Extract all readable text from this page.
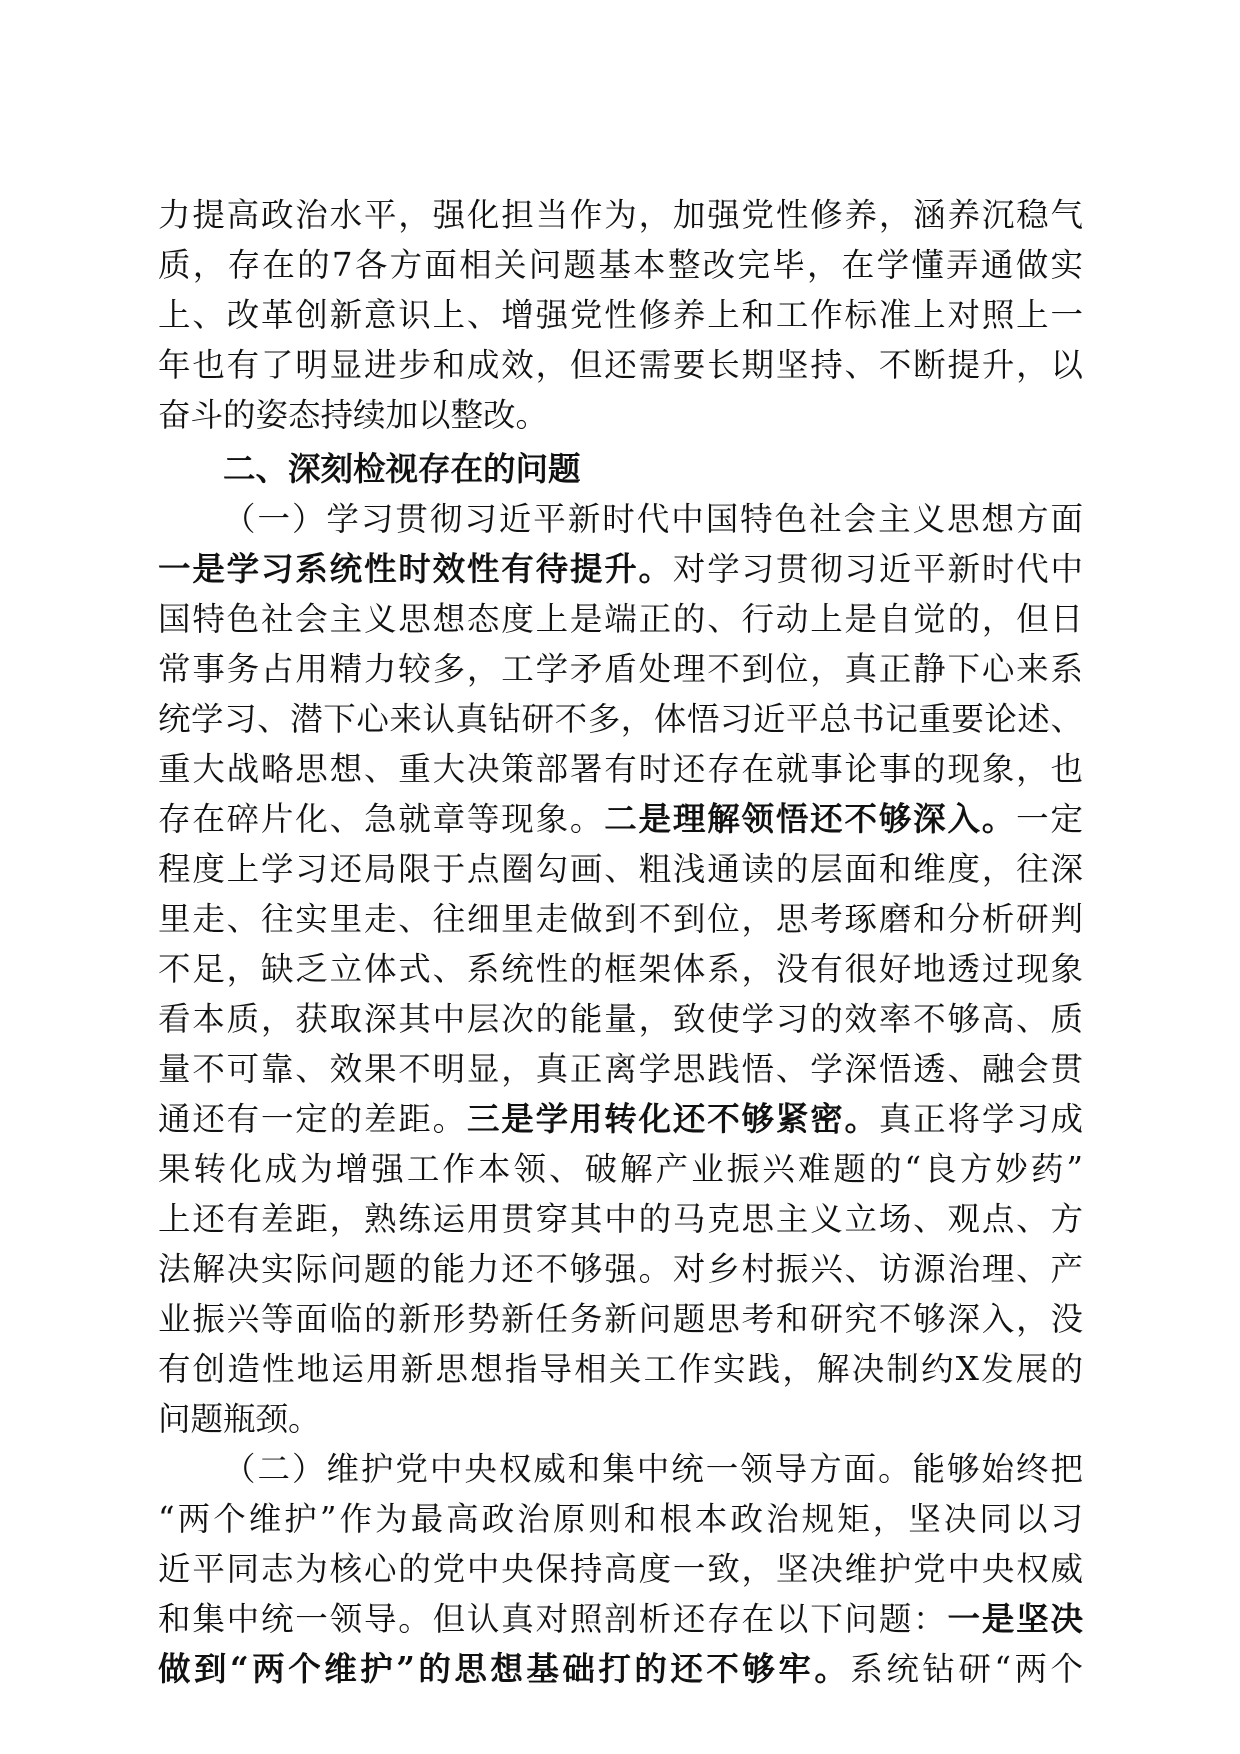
力提高政治水平，强化担当作为，加强党性修养，涵养沉稳气
质，存在的7各方面相关问题基本整改完毕，在学懂弄通做实
上、改革创新意识上、增强党性修养上和工作标准上对照上一
年也有了明显进步和成效，但还需要长期坚持、不断提升，以
奋斗的姿态持续加以整改。
二、深刻检视存在的问题
（一）学习贯彻习近平新时代中国特色社会主义思想方面
一是学习系统性时效性有待提升。对学习贯彻习近平新时代中
国特色社会主义思想态度上是端正的、行动上是自觉的，但日
常事务占用精力较多，工学矛盾处理不到位，真正静下心来系
统学习、潜下心来认真钻研不多，体悟习近平总书记重要论述、
重大战略思想、重大决策部署有时还存在就事论事的现象，也
存在碎片化、急就章等现象。二是理解领悟还不够深入。一定
程度上学习还局限于点圈勾画、粗浅通读的层面和维度，往深
里走、往实里走、往细里走做到不到位，思考琢磨和分析研判
不足，缺乏立体式、系统性的框架体系，没有很好地透过现象
看本质，获取深其中层次的能量，致使学习的效率不够高、质
量不可靠、效果不明显，真正离学思践悟、学深悟透、融会贯
通还有一定的差距。三是学用转化还不够紧密。真正将学习成
果转化成为增强工作本领、破解产业振兴难题的“良方妙药”
上还有差距，熟练运用贯穿其中的马克思主义立场、观点、方
法解决实际问题的能力还不够强。对乡村振兴、访源治理、产
业振兴等面临的新形势新任务新问题思考和研究不够深入，没
有创造性地运用新思想指导相关工作实践，解决制约X发展的
问题瓶颈。
（二）维护党中央权威和集中统一领导方面。能够始终把
“两个维护”作为最高政治原则和根本政治规矩，坚决同以习
近平同志为核心的党中央保持高度一致，坚决维护党中央权威
和集中统一领导。但认真对照剖析还存在以下问题：一是坚决
做到“两个维护”的思想基础打的还不够牢。系统钻研“两个
